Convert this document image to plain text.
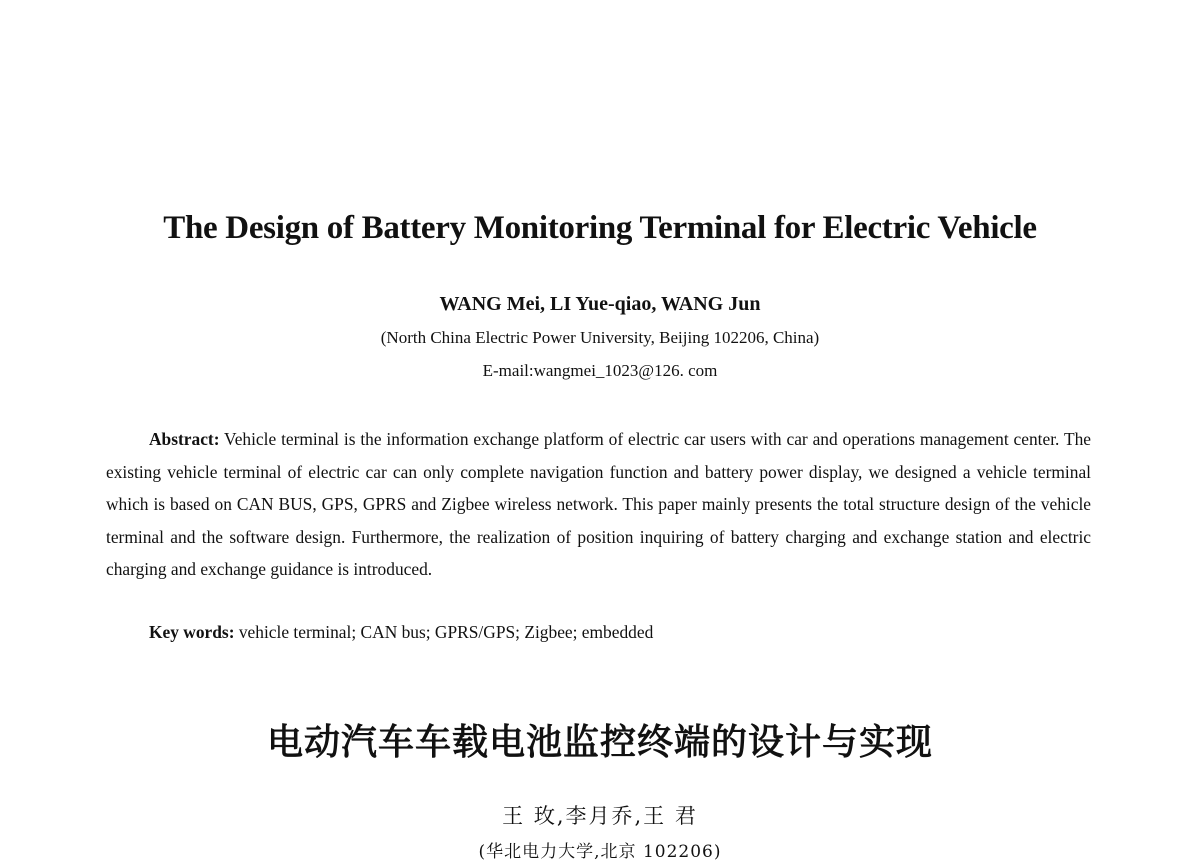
The Design of Battery Monitoring Terminal for Electric Vehicle
WANG Mei, LI Yue-qiao, WANG Jun
(North China Electric Power University, Beijing 102206, China)
E-mail:wangmei_1023@126. com
Abstract: Vehicle terminal is the information exchange platform of electric car users with car and operations management center. The existing vehicle terminal of electric car can only complete navigation function and battery power display, we designed a vehicle terminal which is based on CAN BUS, GPS, GPRS and Zigbee wireless network. This paper mainly presents the total structure design of the vehicle terminal and the software design. Furthermore, the realization of position inquiring of battery charging and exchange station and electric charging and exchange guidance is introduced.
Key words: vehicle terminal; CAN bus; GPRS/GPS; Zigbee; embedded
电动汽车车载电池监控终端的设计与实现
王 玫,李月乔,王 君
(华北电力大学,北京 102206)
